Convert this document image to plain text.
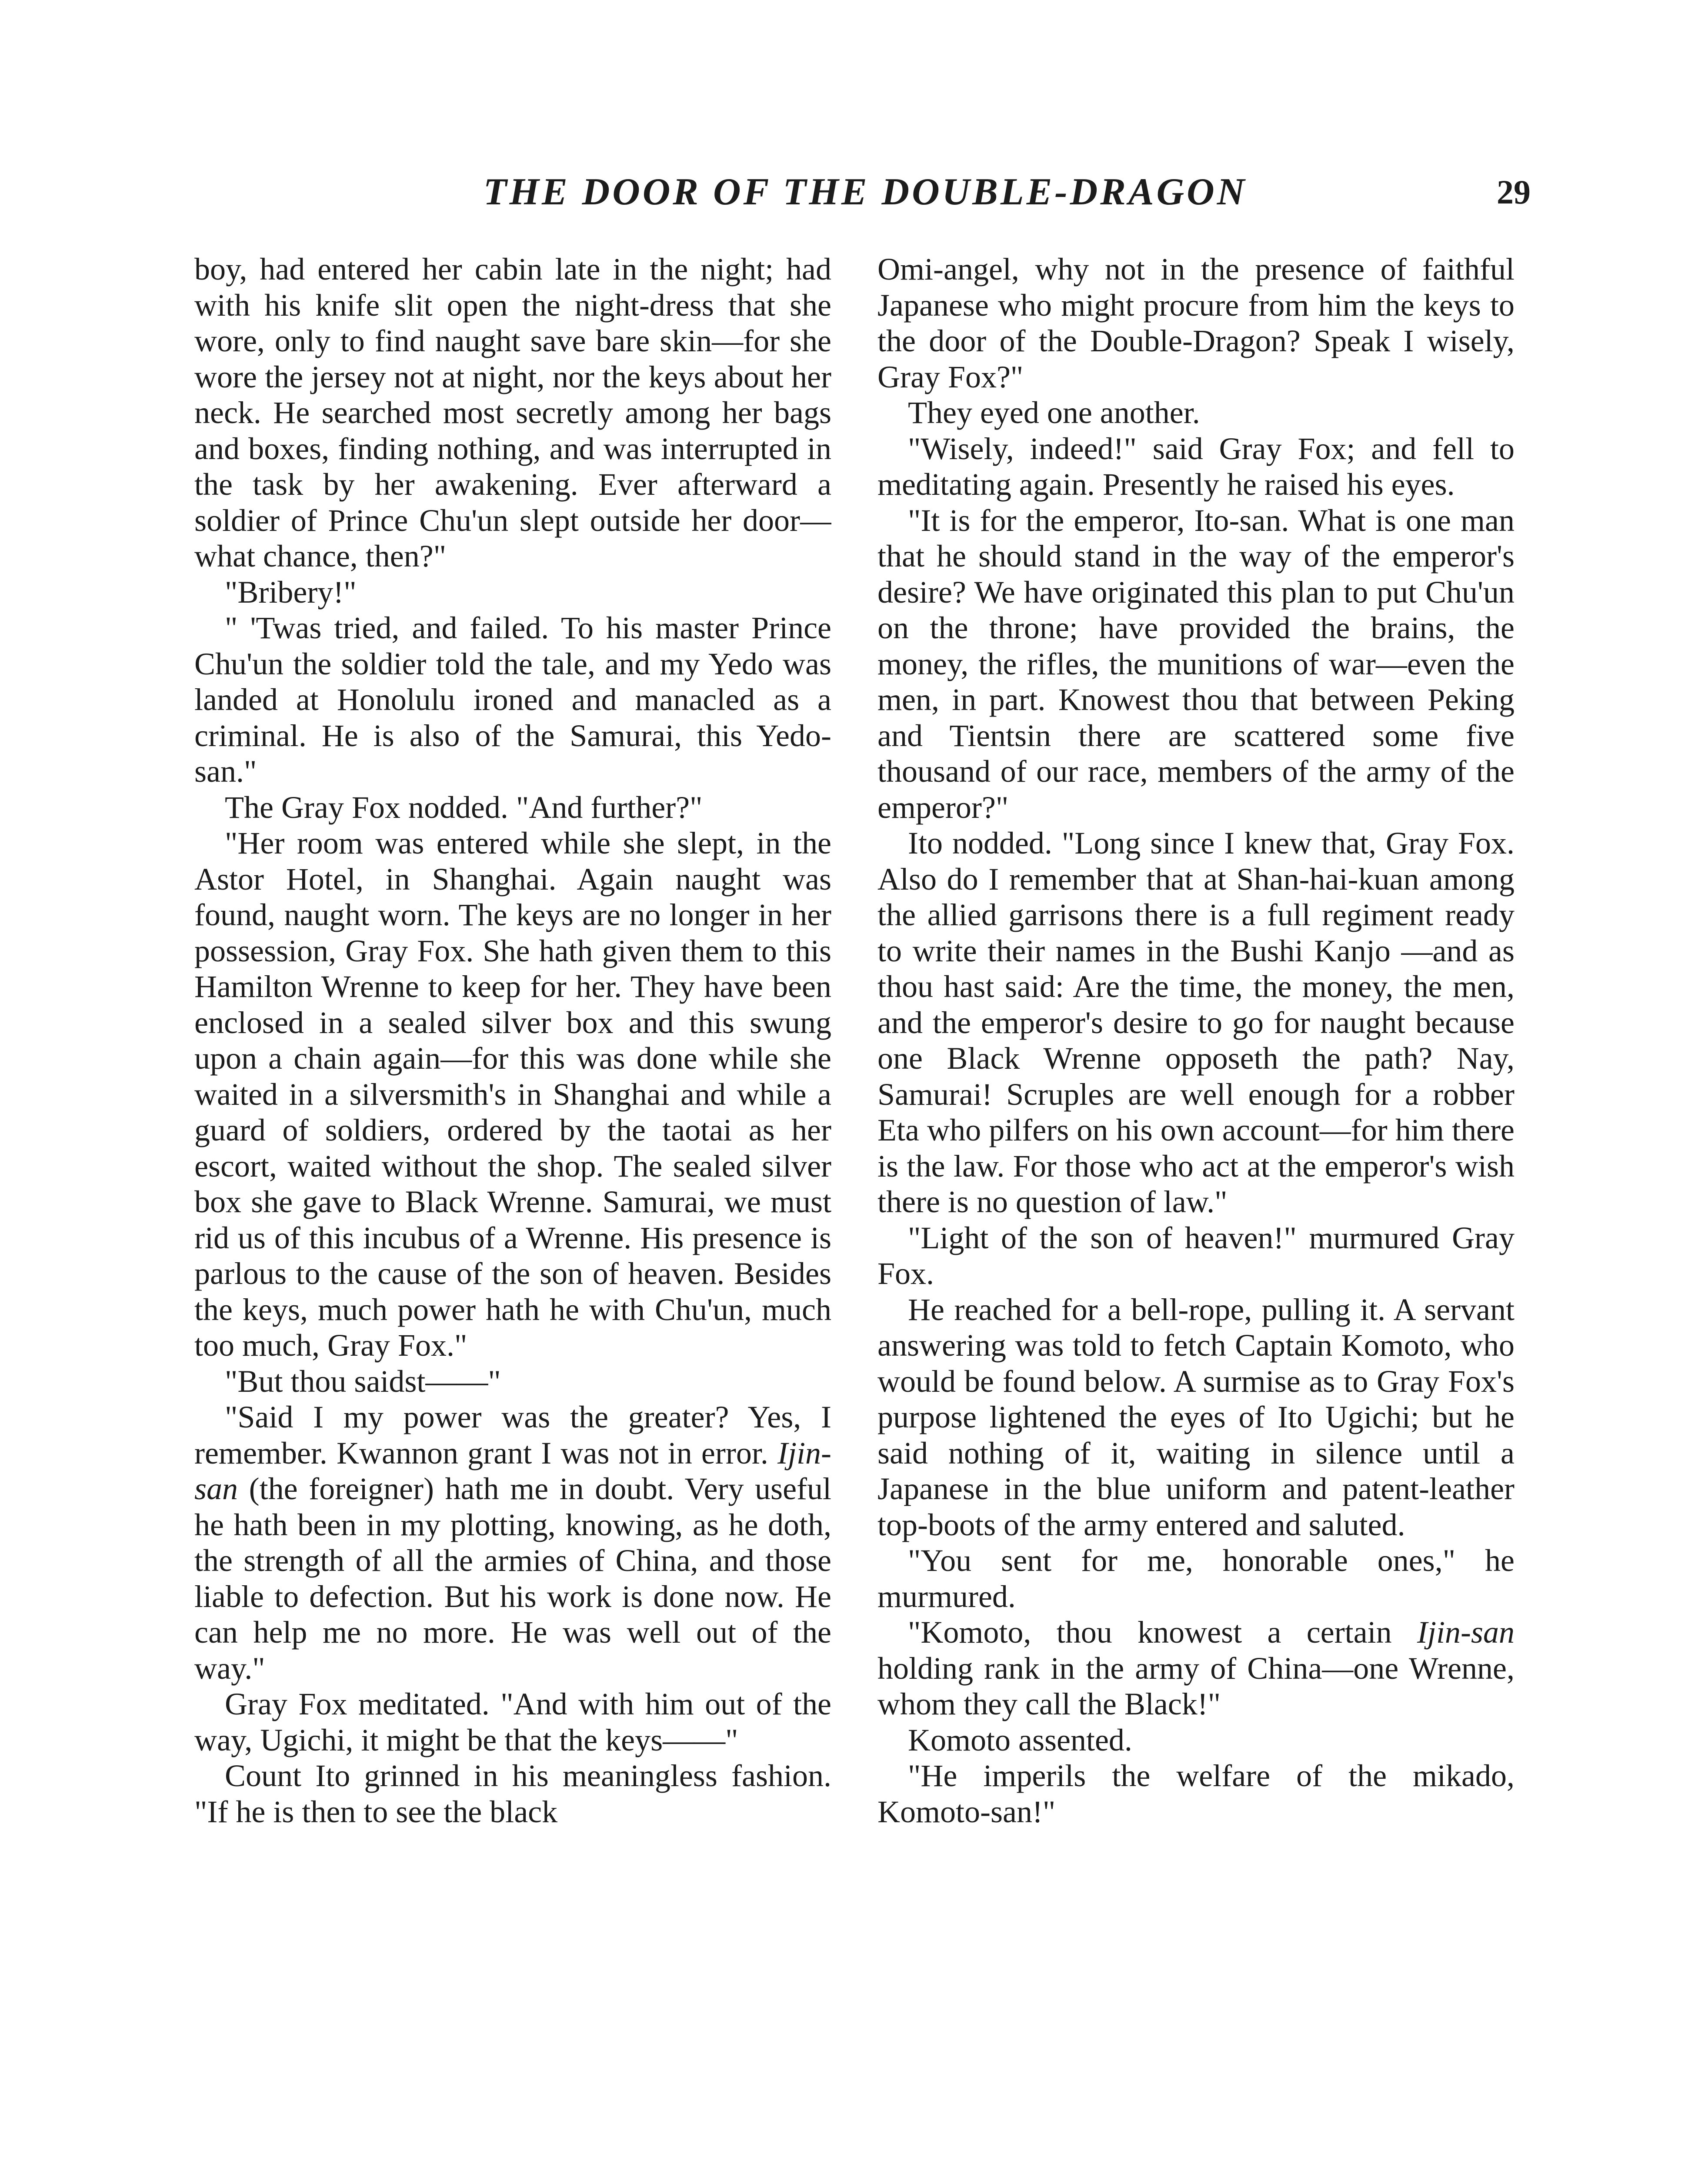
THE DOOR OF THE DOUBLE-DRAGON	29

boy, had entered her cabin late in the night; had with his knife slit open the night-dress that she wore, only to find naught save bare skin—for she wore the jersey not at night, nor the keys about her neck. He searched most secretly among her bags and boxes, finding nothing, and was interrupted in the task by her awakening. Ever afterward a soldier of Prince Chu'un slept outside her door—what chance, then?"

"Bribery!"

" 'Twas tried, and failed. To his master Prince Chu'un the soldier told the tale, and my Yedo was landed at Honolulu ironed and manacled as a criminal. He is also of the Samurai, this Yedo-san."

The Gray Fox nodded. "And further?"

"Her room was entered while she slept, in the Astor Hotel, in Shanghai. Again naught was found, naught worn. The keys are no longer in her possession, Gray Fox. She hath given them to this Hamilton Wrenne to keep for her. They have been enclosed in a sealed silver box and this swung upon a chain again—for this was done while she waited in a silversmith's in Shanghai and while a guard of soldiers, ordered by the taotai as her escort, waited without the shop. The sealed silver box she gave to Black Wrenne. Samurai, we must rid us of this incubus of a Wrenne. His presence is parlous to the cause of the son of heaven. Besides the keys, much power hath he with Chu'un, much too much, Gray Fox."

"But thou saidst——"

"Said I my power was the greater? Yes, I remember. Kwannon grant I was not in error. Ijin-san (the foreigner) hath me in doubt. Very useful he hath been in my plotting, knowing, as he doth, the strength of all the armies of China, and those liable to defection. But his work is done now. He can help me no more. He was well out of the way."

Gray Fox meditated. "And with him out of the way, Ugichi, it might be that the keys——"

Count Ito grinned in his meaningless fashion. "If he is then to see the black

Omi-angel, why not in the presence of faithful Japanese who might procure from him the keys to the door of the Double-Dragon? Speak I wisely, Gray Fox?"

They eyed one another.

"Wisely, indeed!" said Gray Fox; and fell to meditating again. Presently he raised his eyes.

"It is for the emperor, Ito-san. What is one man that he should stand in the way of the emperor's desire? We have originated this plan to put Chu'un on the throne; have provided the brains, the money, the rifles, the munitions of war—even the men, in part. Knowest thou that between Peking and Tientsin there are scattered some five thousand of our race, members of the army of the emperor?"

Ito nodded. "Long since I knew that, Gray Fox. Also do I remember that at Shan-hai-kuan among the allied garrisons there is a full regiment ready to write their names in the Bushi Kanjo —and as thou hast said: Are the time, the money, the men, and the emperor's desire to go for naught because one Black Wrenne opposeth the path? Nay, Samurai! Scruples are well enough for a robber Eta who pilfers on his own account—for him there is the law. For those who act at the emperor's wish there is no question of law."

"Light of the son of heaven!" murmured Gray Fox.

He reached for a bell-rope, pulling it. A servant answering was told to fetch Captain Komoto, who would be found below. A surmise as to Gray Fox's purpose lightened the eyes of Ito Ugichi; but he said nothing of it, waiting in silence until a Japanese in the blue uniform and patent-leather top-boots of the army entered and saluted.

"You sent for me, honorable ones," he murmured.

"Komoto, thou knowest a certain Ijin-san holding rank in the army of China—one Wrenne, whom they call the Black!"

Komoto assented.

"He imperils the welfare of the mikado, Komoto-san!"
